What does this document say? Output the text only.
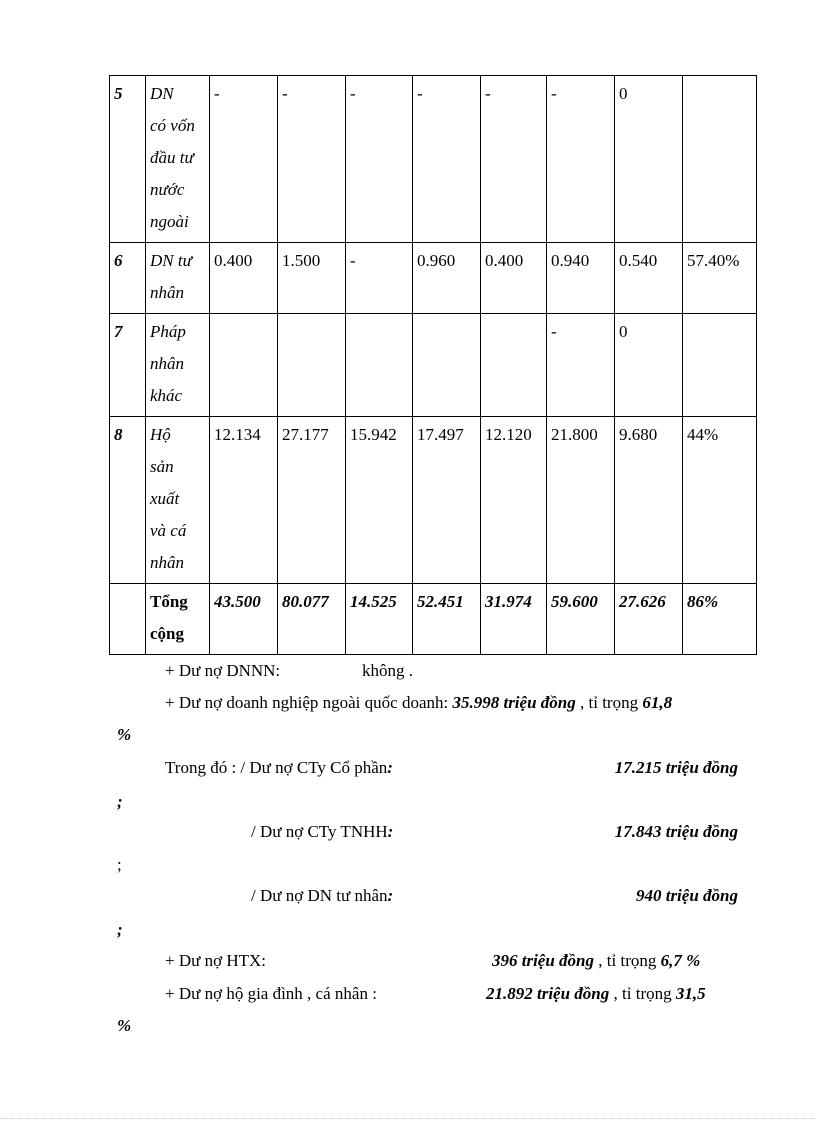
5	DN
có vốn
đầu tư
nước
ngoài	-	-	-	-	-	-	0	
6	DN tư
nhân	0.400	1.500	-	0.960	0.400	0.940	0.540	57.40%
7	Pháp
nhân
khác						-	0	
8	Hộ
sản
xuất
và cá
nhân	12.134	27.177	15.942	17.497	12.120	21.800	9.680	44%

	Tổng
cộng	43.500	80.077	14.525	52.451	31.974	59.600	27.626	86%
+ Dư nợ DNNN:	không .
+ Dư nợ doanh nghiệp ngoài quốc doanh: 35.998 triệu đồng , tỉ trọng 61,8
%
Trong đó : / Dư nợ CTy Cổ phần:	17.215 triệu đồng
;
/ Dư nợ CTy TNHH:	17.843 triệu đồng
;
/ Dư nợ DN tư nhân:	940 triệu đồng
;
+ Dư nợ HTX:	396 triệu đồng , tỉ trọng 6,7 %
+ Dư nợ hộ gia đình , cá nhân :	21.892 triệu đồng , tỉ trọng 31,5
%
